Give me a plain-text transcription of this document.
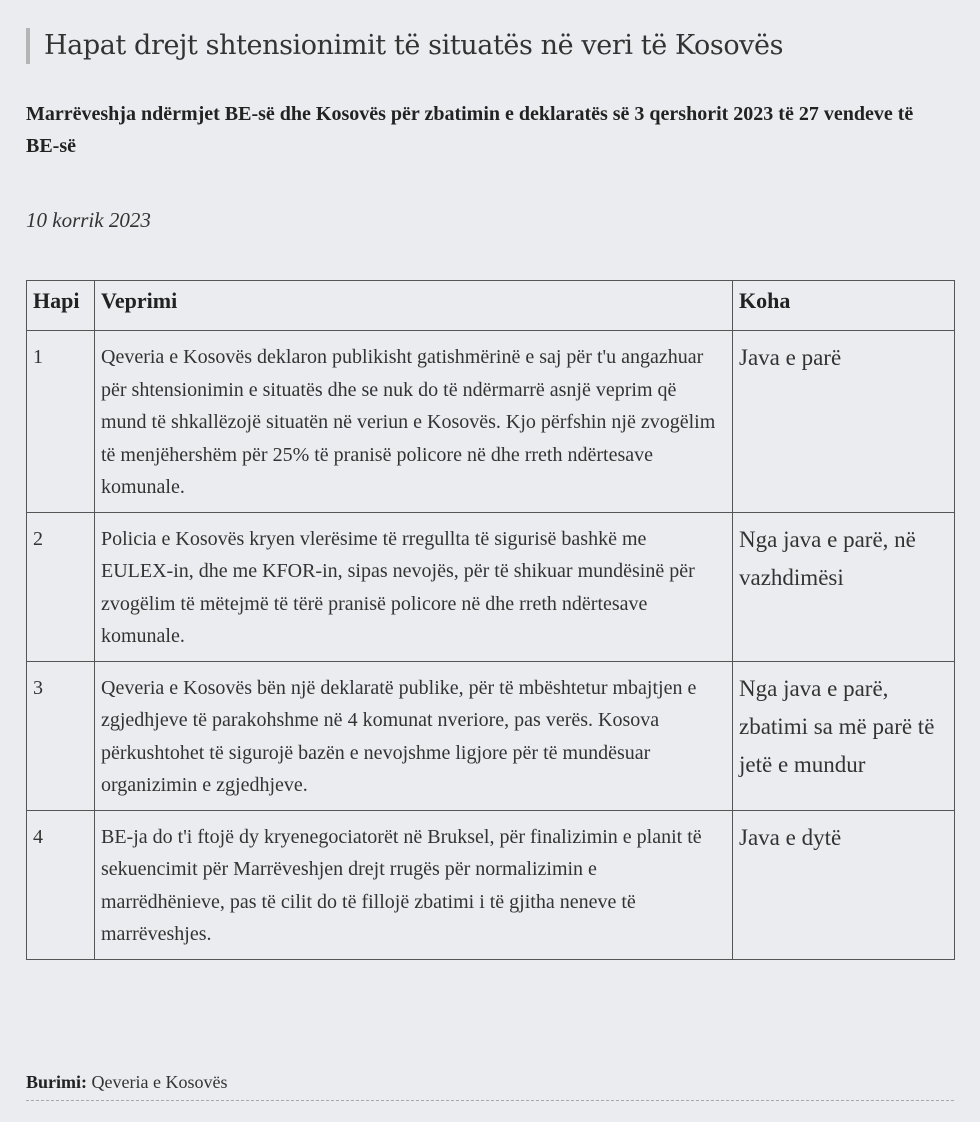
Hapat drejt shtensionimit të situatës në veri të Kosovës

Marrëveshja ndërmjet BE-së dhe Kosovës për zbatimin e deklaratës së 3 qershorit 2023 të 27 vendeve të BE-së

10 korrik 2023
Hapi	Veprimi	Koha
1	Qeveria e Kosovës deklaron publikisht gatishmërinë e saj për t'u angazhuar për shtensionimin e situatës dhe se nuk do të ndërmarrë asnjë veprim që mund të shkallëzojë situatën në veriun e Kosovës. Kjo përfshin një zvogëlim të menjëhershëm për 25% të pranisë policore në dhe rreth ndërtesave komunale.	Java e parë
2	Policia e Kosovës kryen vlerësime të rregullta të sigurisë bashkë me EULEX-in, dhe me KFOR-in, sipas nevojës, për të shikuar mundësinë për zvogëlim të mëtejmë të tërë pranisë policore në dhe rreth ndërtesave komunale.	Nga java e parë, në vazhdimësi
3	Qeveria e Kosovës bën një deklaratë publike, për të mbështetur mbajtjen e zgjedhjeve të parakohshme në 4 komunat nveriore, pas verës. Kosova përkushtohet të sigurojë bazën e nevojshme ligjore për të mundësuar organizimin e zgjedhjeve.	Nga java e parë, zbatimi sa më parë të jetë e mundur
4	BE-ja do t'i ftojë dy kryenegociatorët në Bruksel, për finalizimin e planit të sekuencimit për Marrëveshjen drejt rrugës për normalizimin e marrëdhënieve, pas të cilit do të fillojë zbatimi i të gjitha neneve të marrëveshjes.	Java e dytë
Burimi: Qeveria e Kosovës
